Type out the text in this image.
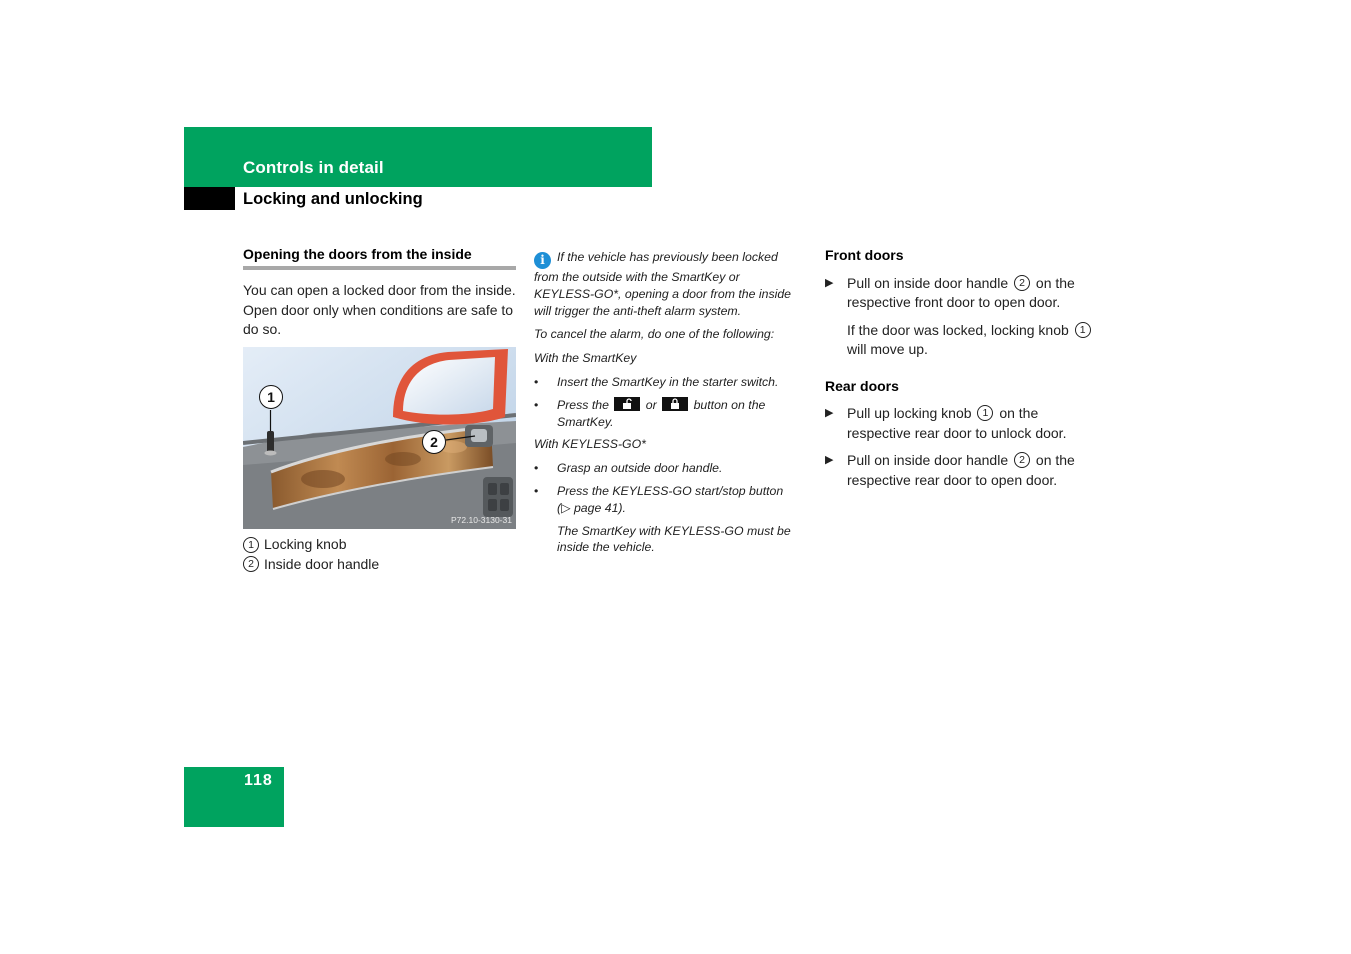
Controls in detail
Locking and unlocking
Opening the doors from the inside
You can open a locked door from the inside. Open door only when conditions are safe to do so.
1
2
P72.10-3130-31
1 Locking knob
2 Inside door handle

i If the vehicle has previously been locked from the outside with the SmartKey or KEYLESS-GO*, opening a door from the inside will trigger the anti-theft alarm system.

To cancel the alarm, do one of the following:

With the SmartKey

•	Insert the SmartKey in the starter switch.
•	Press the	or	button on the SmartKey.

With KEYLESS-GO*

•	Grasp an outside door handle.
•	Press the KEYLESS-GO start/stop button (▷ page 41).

The SmartKey with KEYLESS-GO must be inside the vehicle.

Front doors
▶ Pull on inside door handle 2 on the respective front door to open door.
If the door was locked, locking knob 1 will move up.
Rear doors
▶ Pull up locking knob 1 on the respective rear door to unlock door.
▶ Pull on inside door handle 2 on the respective rear door to open door.
118
